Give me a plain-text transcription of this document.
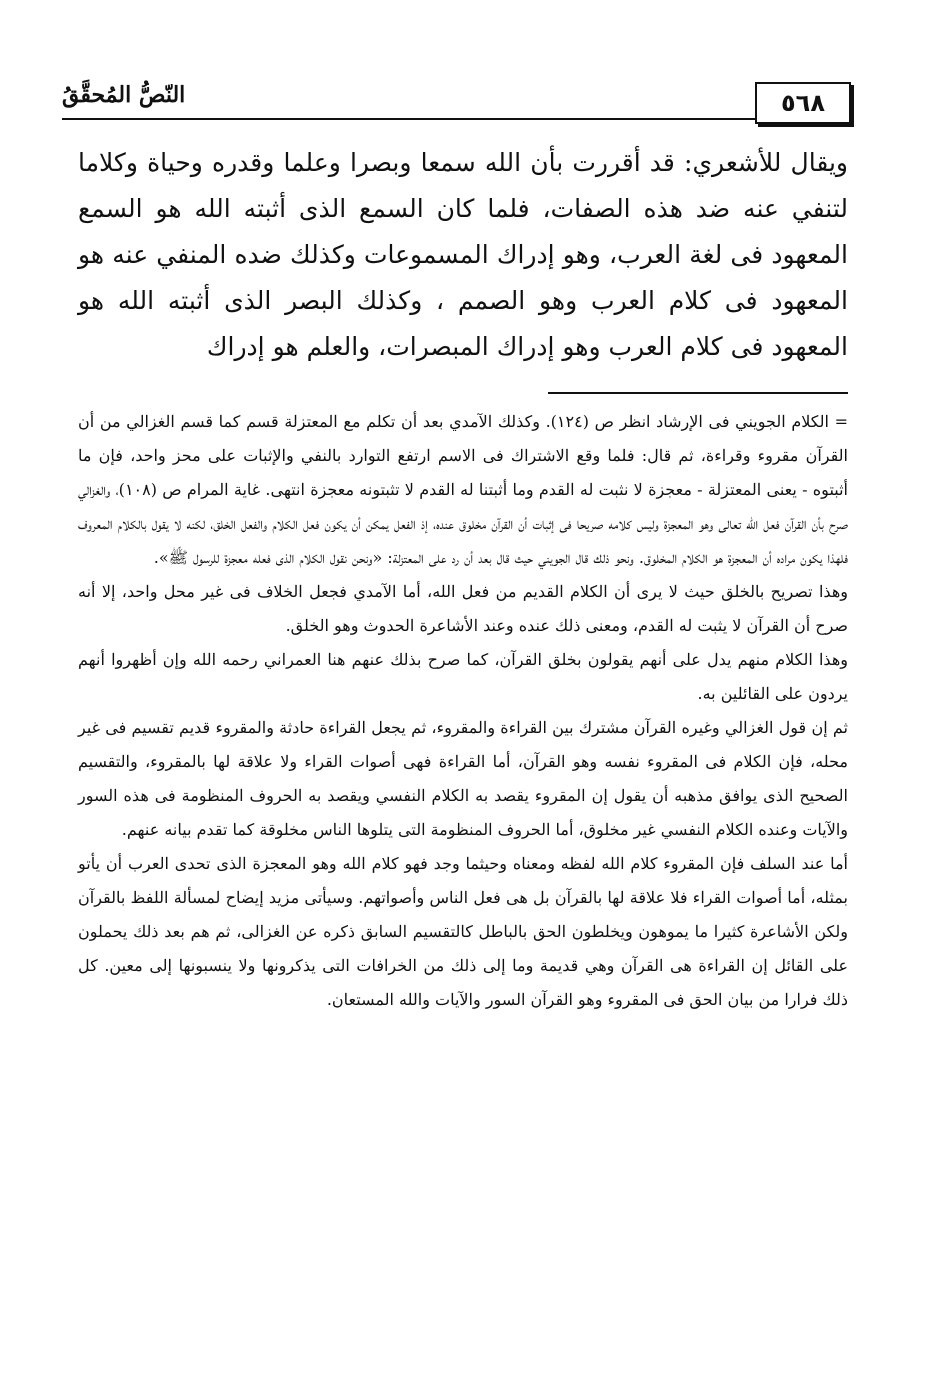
٥٦٨
النّصُّ المُحقَّقُ

ويقال للأشعري: قد أقررت بأن الله سمعا وبصرا وعلما وقدره وحياة وكلاما لتنفي عنه ضد هذه الصفات، فلما كان السمع الذى أثبته الله هو السمع المعهود فى لغة العرب، وهو إدراك المسموعات وكذلك ضده المنفي عنه هو المعهود فى كلام العرب وهو الصمم ، وكذلك البصر الذى أثبته الله هو المعهود فى كلام العرب وهو إدراك المبصرات، والعلم هو إدراك

= الكلام الجويني فى الإرشاد انظر ص (١٢٤). وكذلك الآمدي بعد أن تكلم مع المعتزلة قسم كما قسم الغزالي من أن القرآن مقروء وقراءة، ثم قال: فلما وقع الاشتراك فى الاسم ارتفع التوارد بالنفي والإثبات على محز واحد، فإن ما أثبتوه - يعنى المعتزلة - معجزة لا نثبت له القدم وما أثبتنا له القدم لا تثبتونه معجزة انتهى. غاية المرام ص (١٠٨)، والغزالي صرح بأن القرآن فعل الله تعالى وهو المعجزة وليس كلامه صريحا فى إثبات أن القرآن مخلوق عنده، إذ الفعل يمكن أن يكون فعل الكلام والفعل الخلق، لكنه لا يقول بالكلام المعروف فلهذا يكون مراده أن المعجزة هو الكلام المخلوق. ونحو ذلك قال الجويني حيث قال بعد أن رد على المعتزلة: «ونحن نقول الكلام الذى فعله معجزة للرسول ﷺ».

وهذا تصريح بالخلق حيث لا يرى أن الكلام القديم من فعل الله، أما الآمدي فجعل الخلاف فى غير محل واحد، إلا أنه صرح أن القرآن لا يثبت له القدم، ومعنى ذلك عنده وعند الأشاعرة الحدوث وهو الخلق.

وهذا الكلام منهم يدل على أنهم يقولون بخلق القرآن، كما صرح بذلك عنهم هنا العمراني رحمه الله وإن أظهروا أنهم يردون على القائلين به.

ثم إن قول الغزالي وغيره القرآن مشترك بين القراءة والمقروء، ثم يجعل القراءة حادثة والمقروء قديم تقسيم فى غير محله، فإن الكلام فى المقروء نفسه وهو القرآن، أما القراءة فهى أصوات القراء ولا علاقة لها بالمقروء، والتقسيم الصحيح الذى يوافق مذهبه أن يقول إن المقروء يقصد به الكلام النفسي ويقصد به الحروف المنظومة فى هذه السور والآيات وعنده الكلام النفسي غير مخلوق، أما الحروف المنظومة التى يتلوها الناس مخلوقة كما تقدم بيانه عنهم.

أما عند السلف فإن المقروء كلام الله لفظه ومعناه وحيثما وجد فهو كلام الله وهو المعجزة الذى تحدى العرب أن يأتو بمثله، أما أصوات القراء فلا علاقة لها بالقرآن بل هى فعل الناس وأصواتهم. وسيأتى مزيد إيضاح لمسألة اللفظ بالقرآن ولكن الأشاعرة كثيرا ما يموهون ويخلطون الحق بالباطل كالتقسيم السابق ذكره عن الغزالى، ثم هم بعد ذلك يحملون على القائل إن القراءة هى القرآن وهي قديمة وما إلى ذلك من الخرافات التى يذكرونها ولا ينسبونها إلى معين. كل ذلك فرارا من بيان الحق فى المقروء وهو القرآن السور والآيات والله المستعان.
